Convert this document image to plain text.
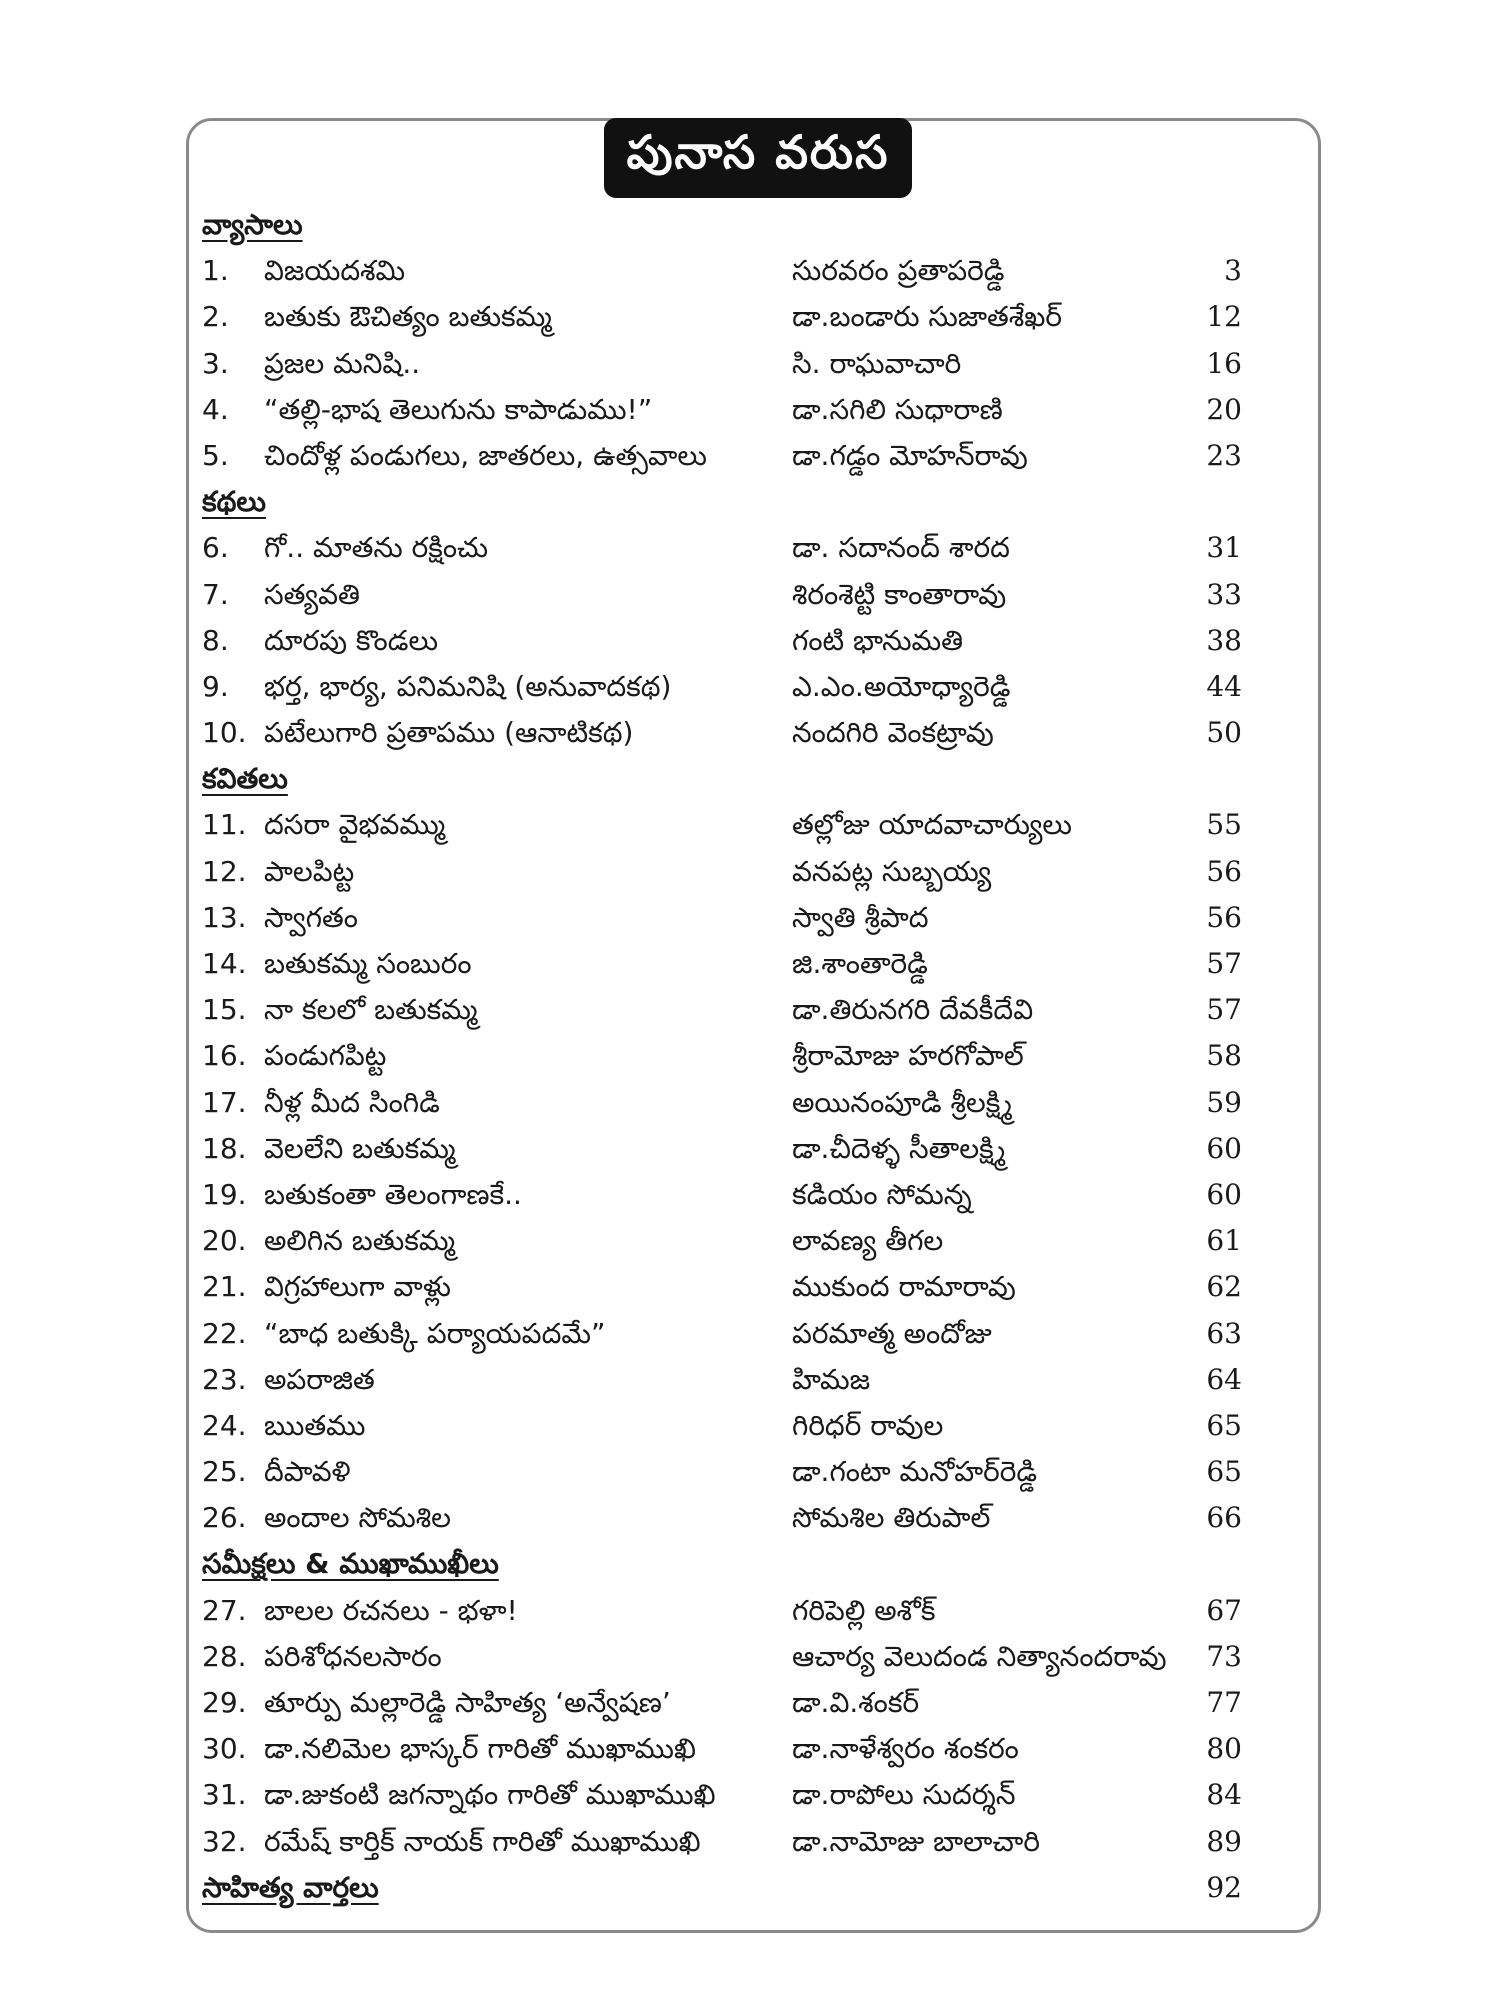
పునాస వరుస
వ్యాసాలు
1.	విజయదశమి	సురవరం ప్రతాపరెడ్డి	3
2.	బతుకు ఔచిత్యం బతుకమ్మ	డా.బండారు సుజాతశేఖర్	12
3.	ప్రజల మనిషి..	సి. రాఘవాచారి	16
4.	“తల్లి-భాష తెలుగును కాపాడుము!”	డా.సగిలి సుధారాణి	20
5.	చిందోళ్ల పండుగలు, జాతరలు, ఉత్సవాలు	డా.గడ్డం మోహన్‌రావు	23
కథలు
6.	గో.. మాతను రక్షించు	డా. సదానంద్ శారద	31
7.	సత్యవతి	శిరంశెట్టి కాంతారావు	33
8.	దూరపు కొండలు	గంటి భానుమతి	38
9.	భర్త, భార్య, పనిమనిషి (అనువాదకథ)	ఎ.ఎం.అయోధ్యారెడ్డి	44
10. పటేలుగారి ప్రతాపము (ఆనాటికథ)	నందగిరి వెంకట్రావు	50
కవితలు
11. దసరా వైభవమ్ము	తల్లోజు యాదవాచార్యులు	55
12. పాలపిట్ట	వనపట్ల సుబ్బయ్య	56
13. స్వాగతం	స్వాతి శ్రీపాద	56
14. బతుకమ్మ సంబురం	జి.శాంతారెడ్డి	57
15. నా కలలో బతుకమ్మ	డా.తిరునగరి దేవకీదేవి	57
16. పండుగపిట్ట	శ్రీరామోజు హరగోపాల్	58
17. నీళ్ల మీద సింగిడి	అయినంపూడి శ్రీలక్ష్మి	59
18. వెలలేని బతుకమ్మ	డా.చీదెళ్ళ సీతాలక్ష్మి	60
19. బతుకంతా తెలంగాణకే..	కడియం సోమన్న	60
20. అలిగిన బతుకమ్మ	లావణ్య తీగల	61
21. విగ్రహాలుగా వాళ్లు	ముకుంద రామారావు	62
22. “బాధ బతుక్కి పర్యాయపదమే”	పరమాత్మ అందోజు	63
23. అపరాజిత	హిమజ	64
24. ఋతము	గిరిధర్ రావుల	65
25. దీపావళి	డా.గంటా మనోహర్‌రెడ్డి	65
26. అందాల సోమశిల	సోమశిల తిరుపాల్	66
సమీక్షలు & ముఖాముఖీలు
27. బాలల రచనలు - భళా!	గరిపెల్లి అశోక్	67
28. పరిశోధనలసారం	ఆచార్య వెలుదండ నిత్యానందరావు	73
29. తూర్పు మల్లారెడ్డి సాహిత్య ‘అన్వేషణ’	డా.వి.శంకర్	77
30. డా.నలిమెల భాస్కర్ గారితో ముఖాముఖి	డా.నాళేశ్వరం శంకరం	80
31. డా.జుకంటి జగన్నాథం గారితో ముఖాముఖి	డా.రాపోలు సుదర్శన్	84
32. రమేష్ కార్తిక్ నాయక్ గారితో ముఖాముఖి	డా.నామోజు బాలాచారి	89
సాహిత్య వార్తలు	92
